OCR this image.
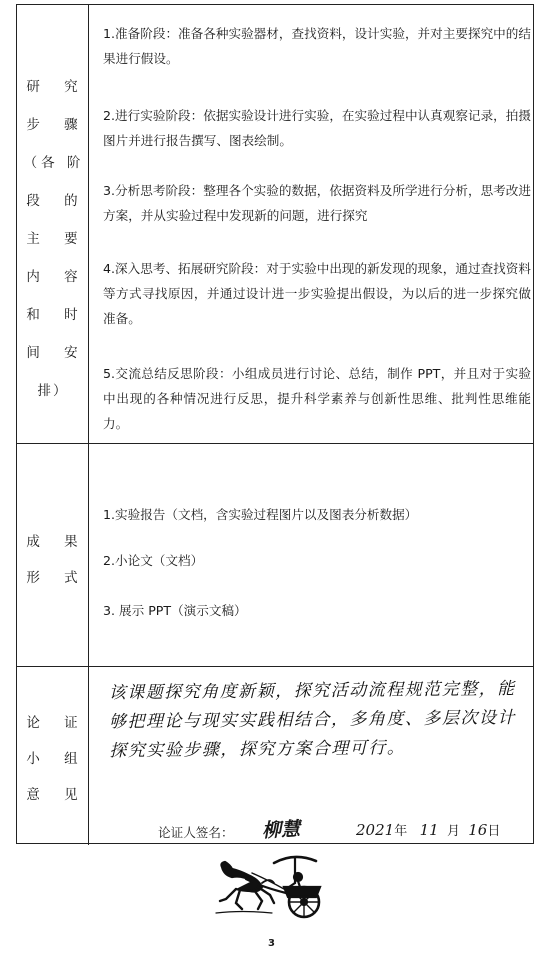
研 究
步 骤
（各 阶
段 的
主 要
内 容
和 时
间 安
排）
1.准备阶段：准备各种实验器材，查找资料，设计实验，并对主要探究中的结果进行假设。
2.进行实验阶段：依据实验设计进行实验，在实验过程中认真观察记录，拍摄图片并进行报告撰写、图表绘制。
3.分析思考阶段：整理各个实验的数据，依据资料及所学进行分析，思考改进方案，并从实验过程中发现新的问题，进行探究
4.深入思考、拓展研究阶段：对于实验中出现的新发现的现象，通过查找资料等方式寻找原因，并通过设计进一步实验提出假设，为以后的进一步探究做准备。
5.交流总结反思阶段：小组成员进行讨论、总结，制作 PPT，并且对于实验中出现的各种情况进行反思，提升科学素养与创新性思维、批判性思维能力。
成 果
形 式
1.实验报告（文档，含实验过程图片以及图表分析数据）
2.小论文（文档）
3. 展示 PPT（演示文稿）
论 证
小 组
意 见
该课题探究角度新颖，探究活动流程规范完整，能够把理论与现实实践相结合，多角度、多层次设计探究实验步骤，探究方案合理可行。
论证人签名： 柳慧	2021年 11 月 16日
3
